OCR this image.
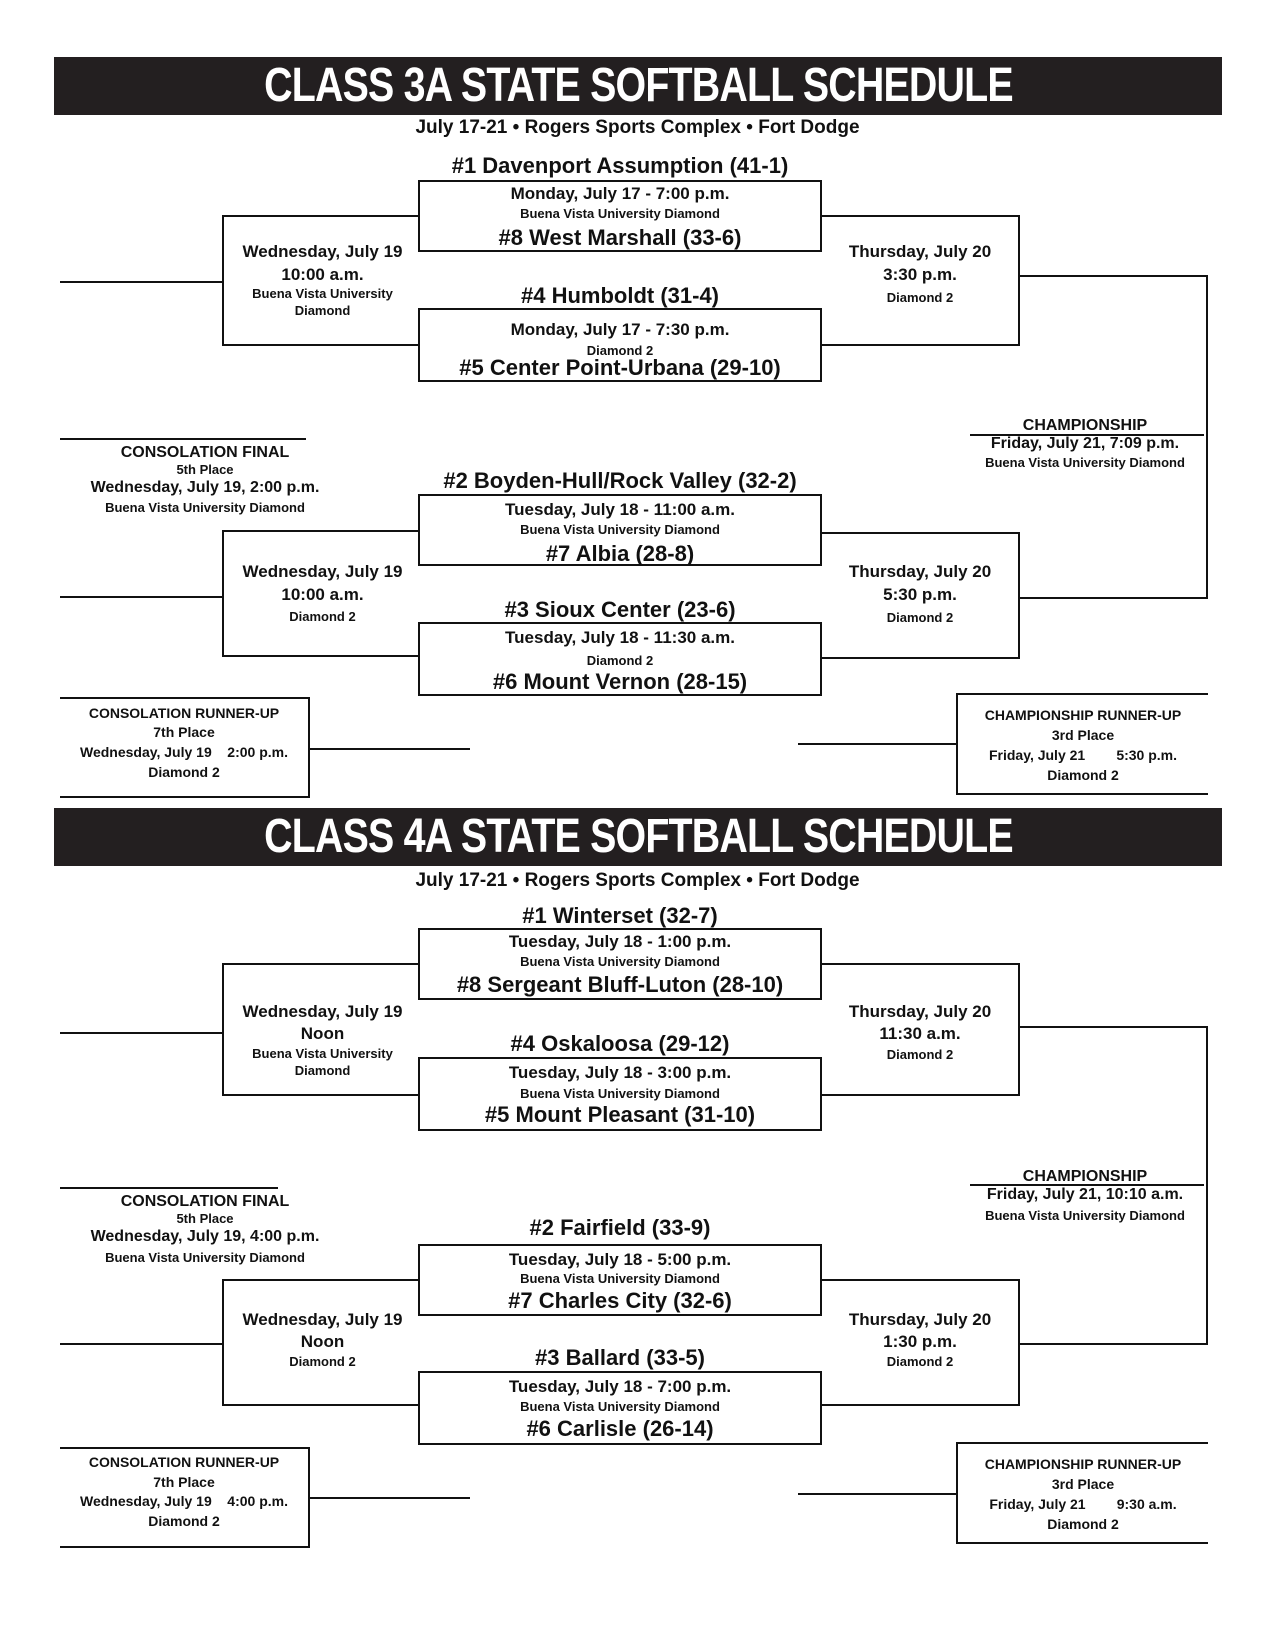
CLASS 3A STATE SOFTBALL SCHEDULE
July 17-21 • Rogers Sports Complex • Fort Dodge
#1 Davenport Assumption (41-1)
Monday, July 17 - 7:00 p.m.
Buena Vista University Diamond
#8 West Marshall (33-6)
#4 Humboldt (31-4)
Monday, July 17 - 7:30 p.m.
Diamond 2
#5 Center Point-Urbana (29-10)
#2 Boyden-Hull/Rock Valley (32-2)
Tuesday, July 18 - 11:00 a.m.
Buena Vista University Diamond
#7 Albia (28-8)
#3 Sioux Center (23-6)
Tuesday, July 18 - 11:30 a.m.
Diamond 2
#6 Mount Vernon (28-15)
Wednesday, July 19
10:00 a.m.
Buena Vista University
Diamond
Wednesday, July 19
10:00 a.m.
Diamond 2
Thursday, July 20
3:30 p.m.
Diamond 2
Thursday, July 20
5:30 p.m.
Diamond 2
CHAMPIONSHIP
Friday, July 21, 7:09 p.m.
Buena Vista University Diamond
CONSOLATION FINAL
5th Place
Wednesday, July 19, 2:00 p.m.
Buena Vista University Diamond
CONSOLATION RUNNER-UP
7th Place
Wednesday, July 19    2:00 p.m.
Diamond 2
CHAMPIONSHIP RUNNER-UP
3rd Place
Friday, July 21        5:30 p.m.
Diamond 2
CLASS 4A STATE SOFTBALL SCHEDULE
July 17-21 • Rogers Sports Complex • Fort Dodge
#1 Winterset (32-7)
Tuesday, July 18 - 1:00 p.m.
Buena Vista University Diamond
#8 Sergeant Bluff-Luton (28-10)
#4 Oskaloosa (29-12)
Tuesday, July 18 - 3:00 p.m.
Buena Vista University Diamond
#5 Mount Pleasant (31-10)
#2 Fairfield (33-9)
Tuesday, July 18 - 5:00 p.m.
Buena Vista University Diamond
#7 Charles City (32-6)
#3 Ballard (33-5)
Tuesday, July 18 - 7:00 p.m.
Buena Vista University Diamond
#6 Carlisle (26-14)
Wednesday, July 19
Noon
Buena Vista University
Diamond
Wednesday, July 19
Noon
Diamond 2
Thursday, July 20
11:30 a.m.
Diamond 2
Thursday, July 20
1:30 p.m.
Diamond 2
CHAMPIONSHIP
Friday, July 21, 10:10 a.m.
Buena Vista University Diamond
CONSOLATION FINAL
5th Place
Wednesday, July 19, 4:00 p.m.
Buena Vista University Diamond
CONSOLATION RUNNER-UP
7th Place
Wednesday, July 19    4:00 p.m.
Diamond 2
CHAMPIONSHIP RUNNER-UP
3rd Place
Friday, July 21        9:30 a.m.
Diamond 2
